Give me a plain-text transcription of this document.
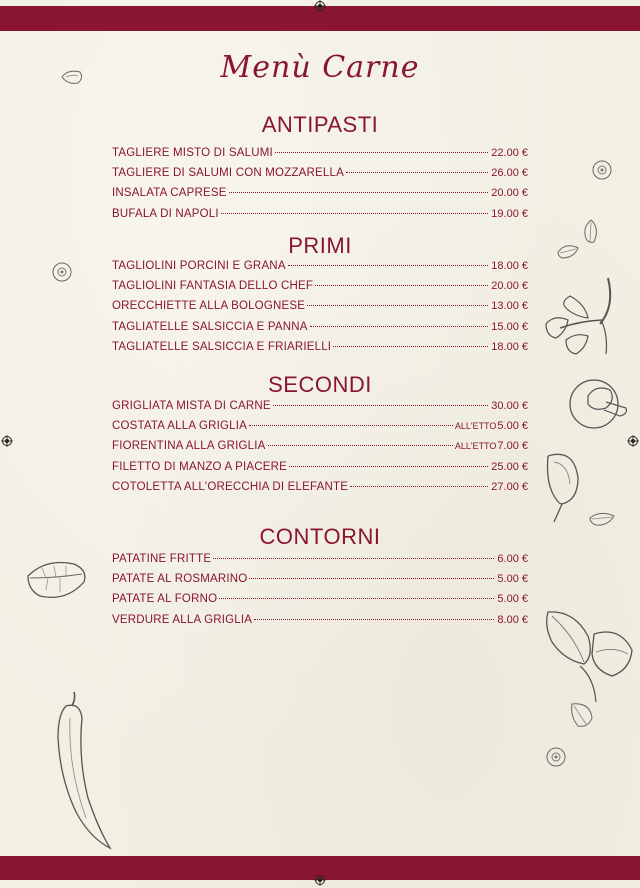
Menù Carne
ANTIPASTI
TAGLIERE MISTO DI SALUMI	22.00 €
TAGLIERE DI SALUMI CON MOZZARELLA	26.00 €
INSALATA CAPRESE	20.00 €
BUFALA DI NAPOLI	19.00 €
PRIMI
TAGLIOLINI PORCINI E GRANA	18.00 €
TAGLIOLINI FANTASIA DELLO CHEF	20.00 €
ORECCHIETTE ALLA BOLOGNESE	13.00 €
TAGLIATELLE SALSICCIA E PANNA	15.00 €
TAGLIATELLE SALSICCIA E FRIARIELLI	18.00 €
SECONDI
GRIGLIATA MISTA DI CARNE	30.00 €
COSTATA ALLA GRIGLIA	ALL'ETTO 5.00 €
FIORENTINA ALLA GRIGLIA	ALL'ETTO 7.00 €
FILETTO DI MANZO A PIACERE	25.00 €
COTOLETTA ALL'ORECCHIA DI ELEFANTE	27.00 €
CONTORNI
PATATINE FRITTE	6.00 €
PATATE AL ROSMARINO	5.00 €
PATATE AL FORNO	5.00 €
VERDURE ALLA GRIGLIA	8.00 €
